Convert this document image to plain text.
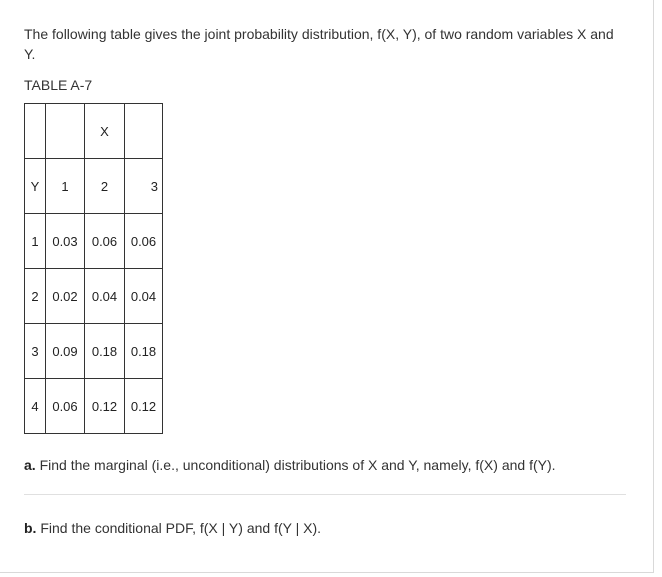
The following table gives the joint probability distribution, f(X, Y), of two random variables X and Y.

TABLE A-7

		X	
Y	1	2	3
1	0.03	0.06	0.06
2	0.02	0.04	0.04
3	0.09	0.18	0.18
4	0.06	0.12	0.12

a. Find the marginal (i.e., unconditional) distributions of X and Y, namely, f(X) and f(Y).

b. Find the conditional PDF, f(X | Y) and f(Y | X).
